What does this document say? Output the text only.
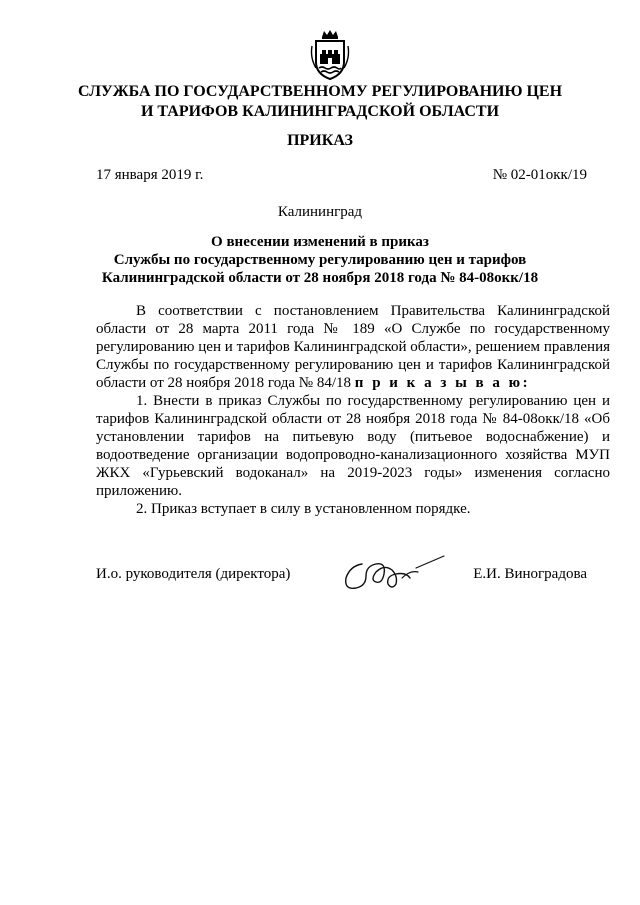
СЛУЖБА ПО ГОСУДАРСТВЕННОМУ РЕГУЛИРОВАНИЮ ЦЕН
И ТАРИФОВ КАЛИНИНГРАДСКОЙ ОБЛАСТИ
ПРИКАЗ
17 января 2019 г.	№ 02-01окк/19
Калининград
О внесении изменений в приказ
Службы по государственному регулированию цен и тарифов
Калининградской области от 28 ноября 2018 года № 84-08окк/18

В соответствии с постановлением Правительства Калининградской области от 28 марта 2011 года № 189 «О Службе по государственному регулированию цен и тарифов Калининградской области», решением правления Службы по государственному регулированию цен и тарифов Калининградской области от 28 ноября 2018 года № 84/18 п р и к а з ы в а ю:

1. Внести в приказ Службы по государственному регулированию цен и тарифов Калининградской области от 28 ноября 2018 года № 84-08окк/18 «Об установлении тарифов на питьевую воду (питьевое водоснабжение) и водоотведение организации водопроводно-канализационного хозяйства МУП ЖКХ «Гурьевский водоканал» на 2019-2023 годы» изменения согласно приложению.

2. Приказ вступает в силу в установленном порядке.

И.о. руководителя (директора)	Е.И. Виноградова
